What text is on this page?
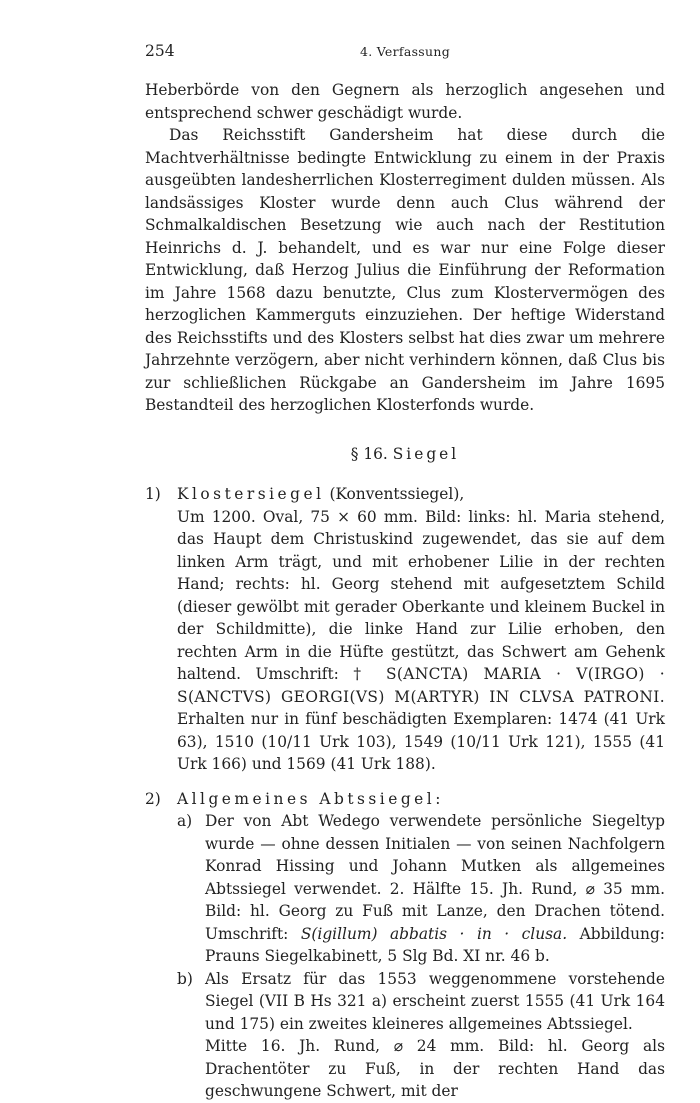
254	4. Verfassung

Heberbörde von den Gegnern als herzoglich angesehen und entsprechend schwer geschädigt wurde.

Das Reichsstift Gandersheim hat diese durch die Machtverhältnisse bedingte Entwicklung zu einem in der Praxis ausgeübten landesherrlichen Klosterregiment dulden müssen. Als landsässiges Kloster wurde denn auch Clus während der Schmalkaldischen Besetzung wie auch nach der Restitution Heinrichs d. J. behandelt, und es war nur eine Folge dieser Entwicklung, daß Herzog Julius die Einführung der Reformation im Jahre 1568 dazu benutzte, Clus zum Klostervermögen des herzoglichen Kammerguts einzuziehen. Der heftige Widerstand des Reichsstifts und des Klosters selbst hat dies zwar um mehrere Jahrzehnte verzögern, aber nicht verhindern können, daß Clus bis zur schließlichen Rückgabe an Gandersheim im Jahre 1695 Bestandteil des herzoglichen Klosterfonds wurde.

§ 16. Siegel
1) Klostersiegel (Konventssiegel),
Um 1200. Oval, 75 × 60 mm. Bild: links: hl. Maria stehend, das Haupt dem Christuskind zugewendet, das sie auf dem linken Arm trägt, und mit erhobener Lilie in der rechten Hand; rechts: hl. Georg stehend mit aufgesetztem Schild (dieser gewölbt mit gerader Oberkante und kleinem Buckel in der Schildmitte), die linke Hand zur Lilie erhoben, den rechten Arm in die Hüfte gestützt, das Schwert am Gehenk haltend. Umschrift: † S(ANCTA) MARIA · V(IRGO) · S(ANCTVS) GEORGI(VS) M(ARTYR) IN CLVSA PATRONI. Erhalten nur in fünf beschädigten Exemplaren: 1474 (41 Urk 63), 1510 (10/11 Urk 103), 1549 (10/11 Urk 121), 1555 (41 Urk 166) und 1569 (41 Urk 188).
2) Allgemeines Abtssiegel:
a) Der von Abt Wedego verwendete persönliche Siegeltyp wurde — ohne dessen Initialen — von seinen Nachfolgern Konrad Hissing und Johann Mutken als allgemeines Abtssiegel verwendet. 2. Hälfte 15. Jh. Rund, ⌀ 35 mm. Bild: hl. Georg zu Fuß mit Lanze, den Drachen tötend. Umschrift: S(igillum) abbatis · in · clusa. Abbildung: Prauns Siegelkabinett, 5 Slg Bd. XI nr. 46 b.
b) Als Ersatz für das 1553 weggenommene vorstehende Siegel (VII B Hs 321 a) erscheint zuerst 1555 (41 Urk 164 und 175) ein zweites kleineres allgemeines Abtssiegel.

Mitte 16. Jh. Rund, ⌀ 24 mm. Bild: hl. Georg als Drachentöter zu Fuß, in der rechten Hand das geschwungene Schwert, mit der
